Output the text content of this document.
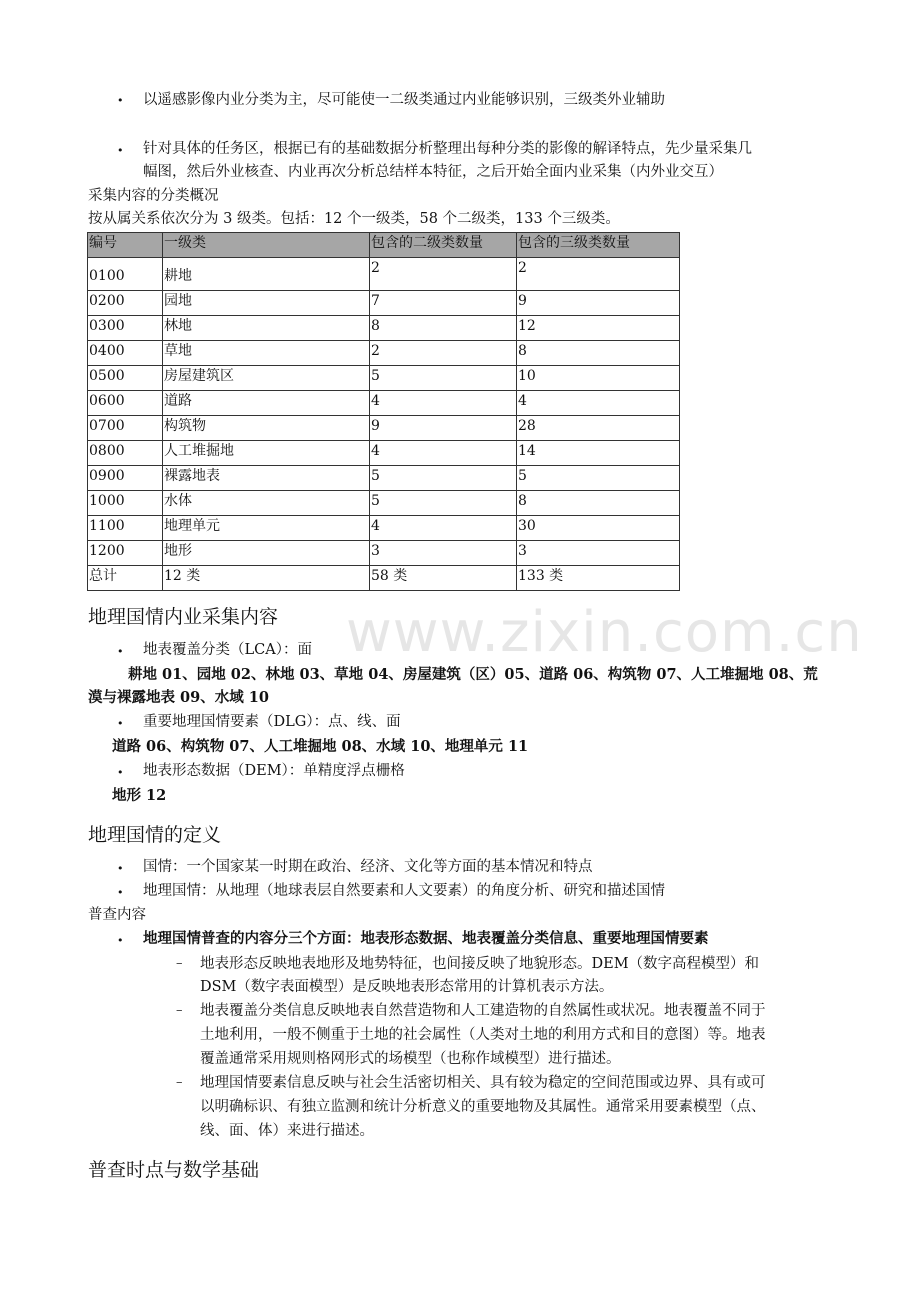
• 以遥感影像内业分类为主，尽可能使一二级类通过内业能够识别，三级类外业辅助
• 针对具体的任务区，根据已有的基础数据分析整理出每种分类的影像的解译特点，先少量采集几
幅图，然后外业核查、内业再次分析总结样本特征，之后开始全面内业采集（内外业交互）
采集内容的分类概况
按从属关系依次分为 3 级类。包括：12 个一级类，58 个二级类，133 个三级类。
编号	一级类	包含的二级类数量	包含的三级类数量
0100	耕地	2	2
0200	园地	7	9
0300	林地	8	12
0400	草地	2	8
0500	房屋建筑区	5	10
0600	道路	4	4
0700	构筑物	9	28
0800	人工堆掘地	4	14
0900	裸露地表	5	5
1000	水体	5	8
1100	地理单元	4	30
1200	地形	3	3
总计	12 类	58 类	133 类
www.zixin.com.cn
地理国情内业采集内容
• 地表覆盖分类（LCA）：面
耕地 01、园地 02、林地 03、草地 04、房屋建筑（区）05、道路 06、构筑物 07、人工堆掘地 08、荒
漠与裸露地表 09、水域 10
• 重要地理国情要素（DLG）：点、线、面
道路 06、构筑物 07、人工堆掘地 08、水域 10、地理单元 11
• 地表形态数据（DEM）：单精度浮点栅格
地形 12
地理国情的定义
• 国情：一个国家某一时期在政治、经济、文化等方面的基本情况和特点
• 地理国情：从地理（地球表层自然要素和人文要素）的角度分析、研究和描述国情
普查内容
• 地理国情普查的内容分三个方面：地表形态数据、地表覆盖分类信息、重要地理国情要素
– 地表形态反映地表地形及地势特征，也间接反映了地貌形态。DEM（数字高程模型）和
DSM（数字表面模型）是反映地表形态常用的计算机表示方法。
– 地表覆盖分类信息反映地表自然营造物和人工建造物的自然属性或状况。地表覆盖不同于
土地利用，一般不侧重于土地的社会属性（人类对土地的利用方式和目的意图）等。地表
覆盖通常采用规则格网形式的场模型（也称作域模型）进行描述。
– 地理国情要素信息反映与社会生活密切相关、具有较为稳定的空间范围或边界、具有或可
以明确标识、有独立监测和统计分析意义的重要地物及其属性。通常采用要素模型（点、
线、面、体）来进行描述。
普查时点与数学基础
